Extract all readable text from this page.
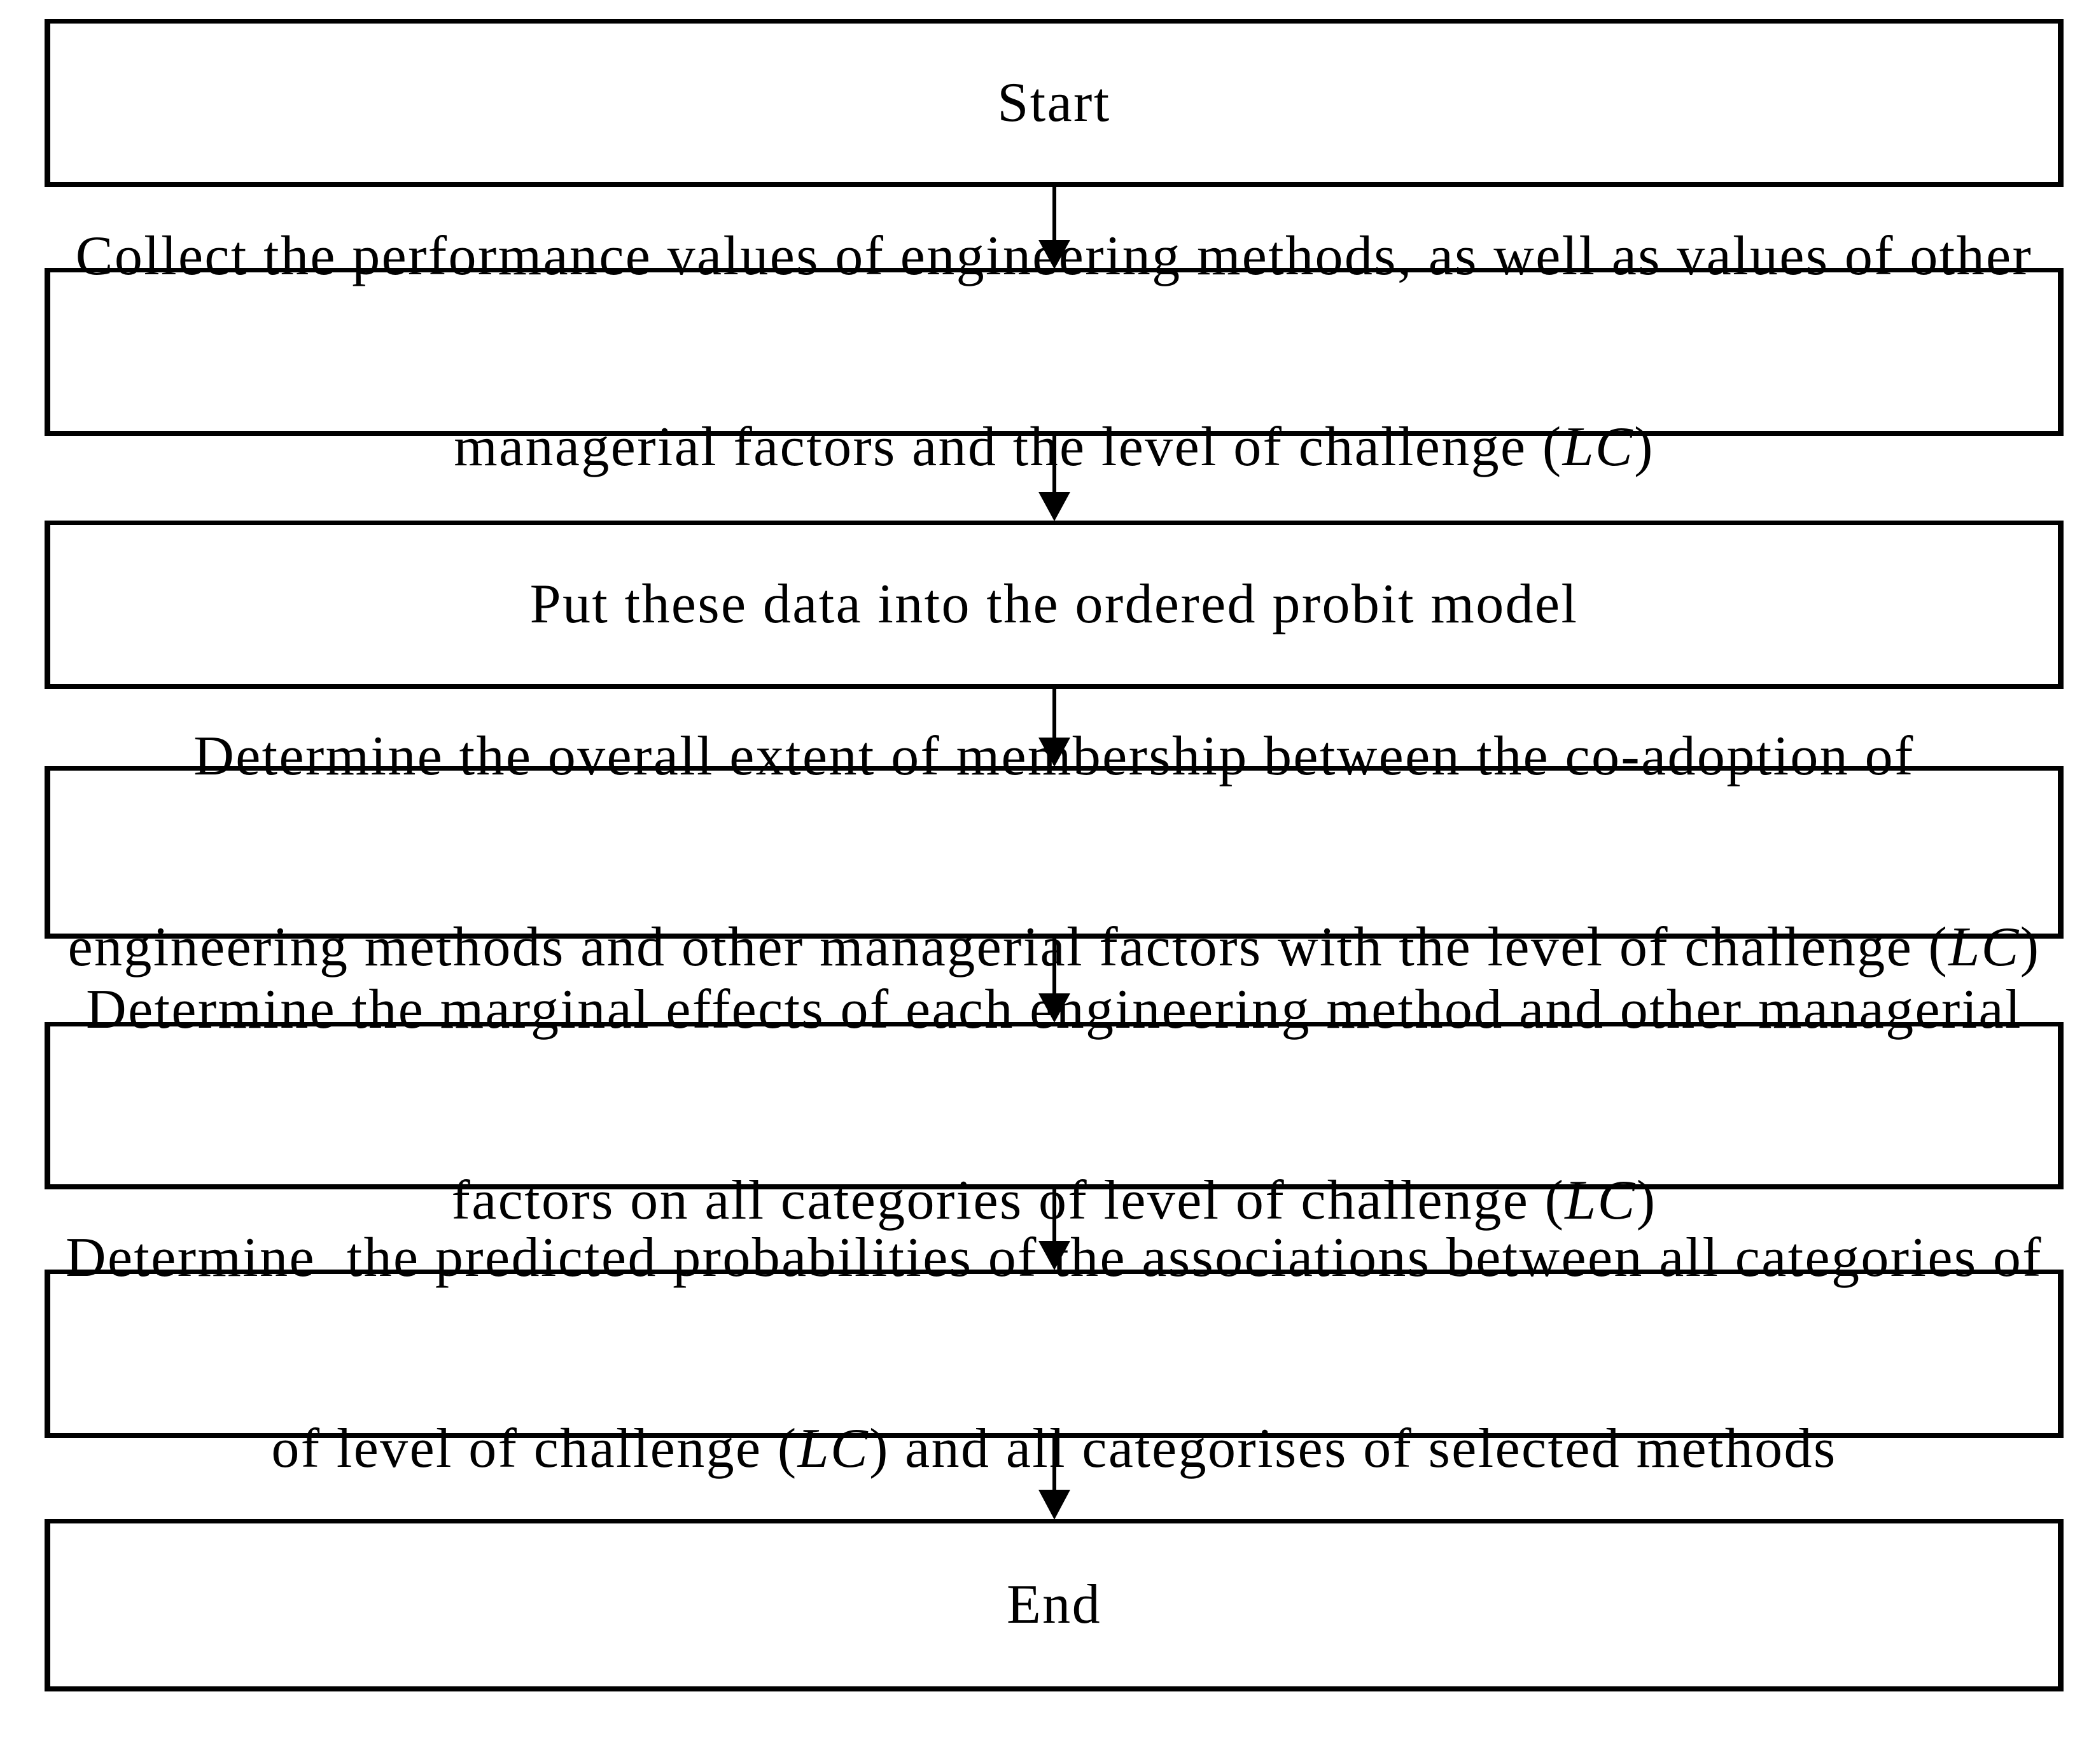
Start

Collect the performance values of engineering methods, as well as values of other

managerial factors and the level of challenge (LC)

Put these data into the ordered probit model

Determine the overall extent of membership between the co-adoption of

engineering methods and other managerial factors with the level of challenge (LC)

Determine the marginal effects of each engineering method and other managerial

factors on all categories of level of challenge (LC)

Determine  the predicted probabilities of the associations between all categories of

of level of challenge (LC) and all categorises of selected methods

End
